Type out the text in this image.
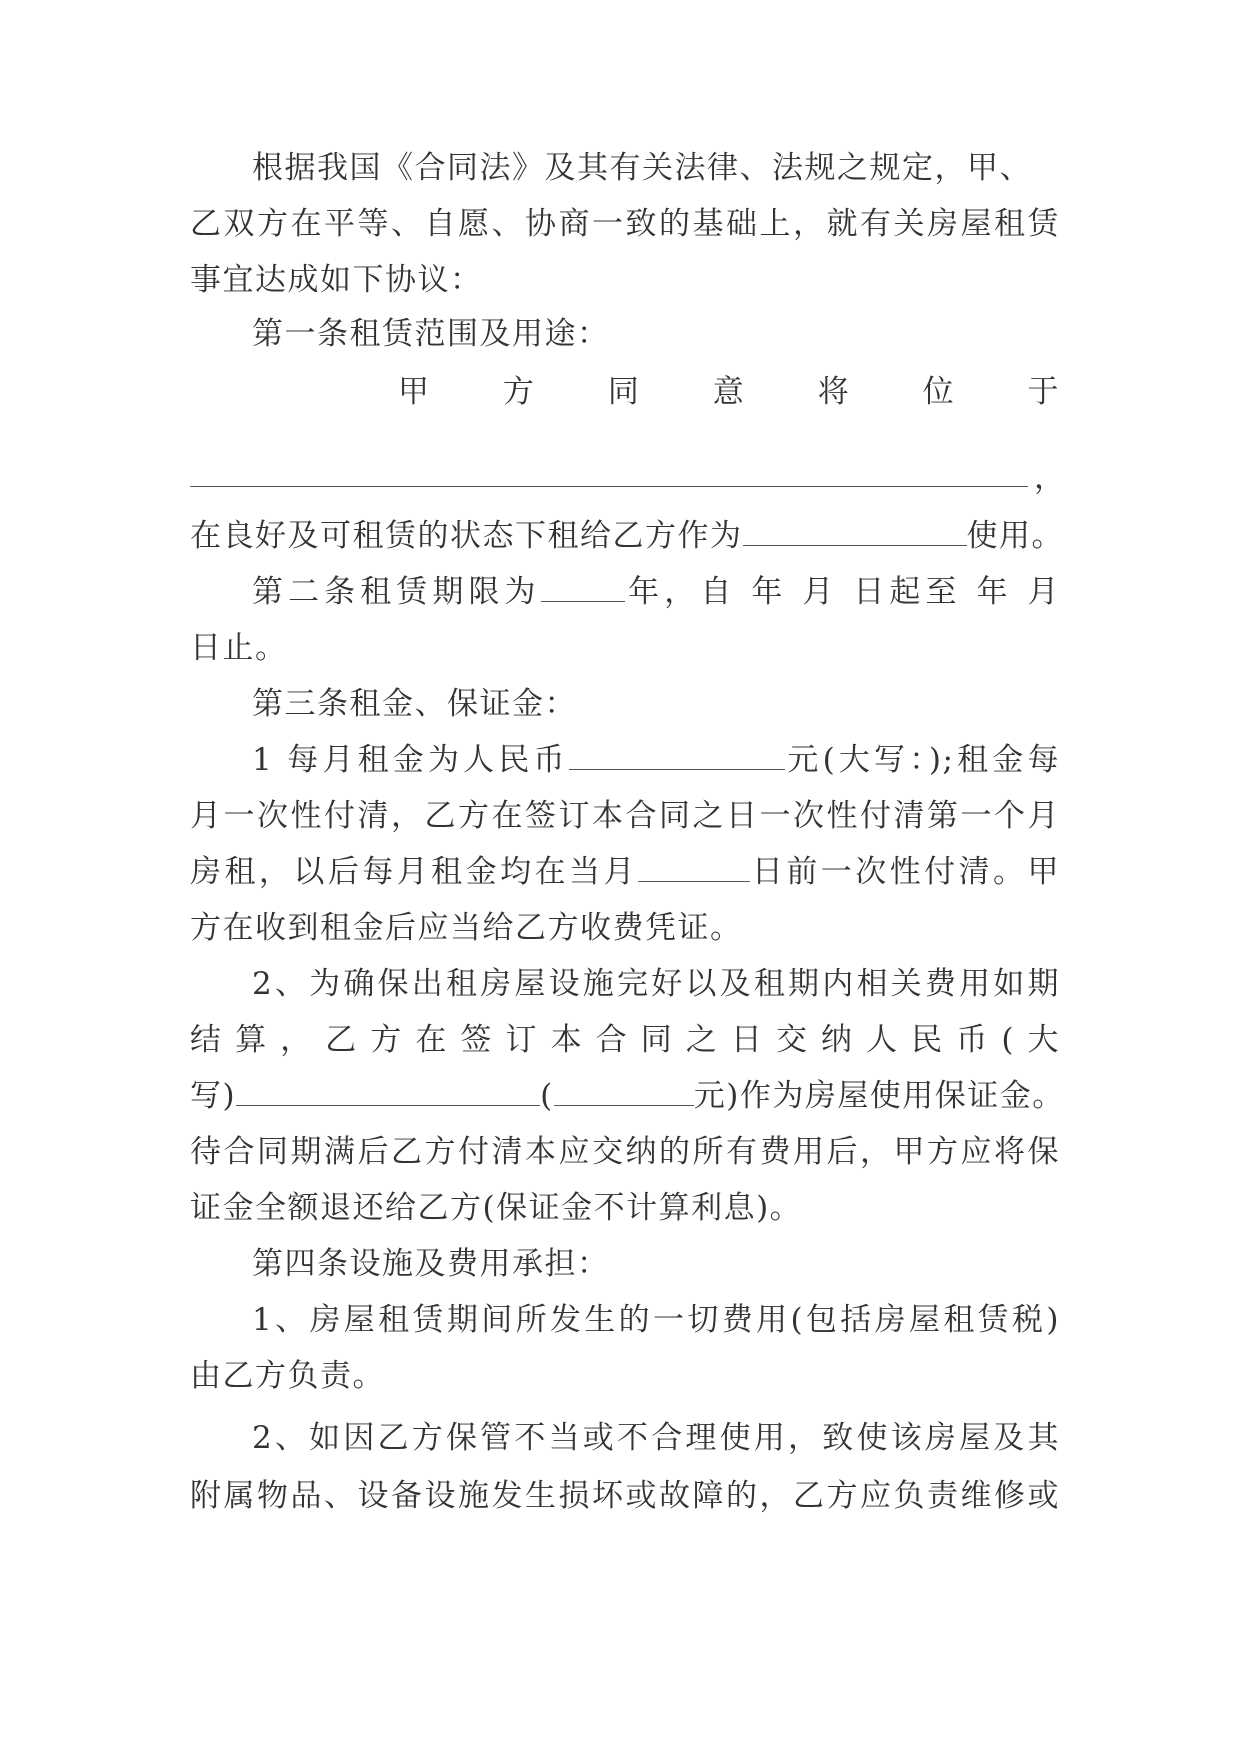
根据我国《合同法》及其有关法律、法规之规定，甲、
乙双方在平等、自愿、协商一致的基础上，就有关房屋租赁
事宜达成如下协议：
第一条租赁范围及用途：
甲 方 同 意 将 位 于
，
在良好及可租赁的状态下租给乙方作为	使用。
第二条租赁期限为	年，自 年 月 日起至 年 月
日止。
第三条租金、保证金：
1 每月租金为人民币	元(大写：);租金每
月一次性付清，乙方在签订本合同之日一次性付清第一个月
房租，以后每月租金均在当月	日前一次性付清。甲
方在收到租金后应当给乙方收费凭证。
2、为确保出租房屋设施完好以及租期内相关费用如期
结算，乙方在签订本合同之日交纳人民币(大
写)	(	元)作为房屋使用保证金。
待合同期满后乙方付清本应交纳的所有费用后，甲方应将保
证金全额退还给乙方(保证金不计算利息)。
第四条设施及费用承担：
1、房屋租赁期间所发生的一切费用(包括房屋租赁税)
由乙方负责。
2、如因乙方保管不当或不合理使用，致使该房屋及其
附属物品、设备设施发生损坏或故障的，乙方应负责维修或
